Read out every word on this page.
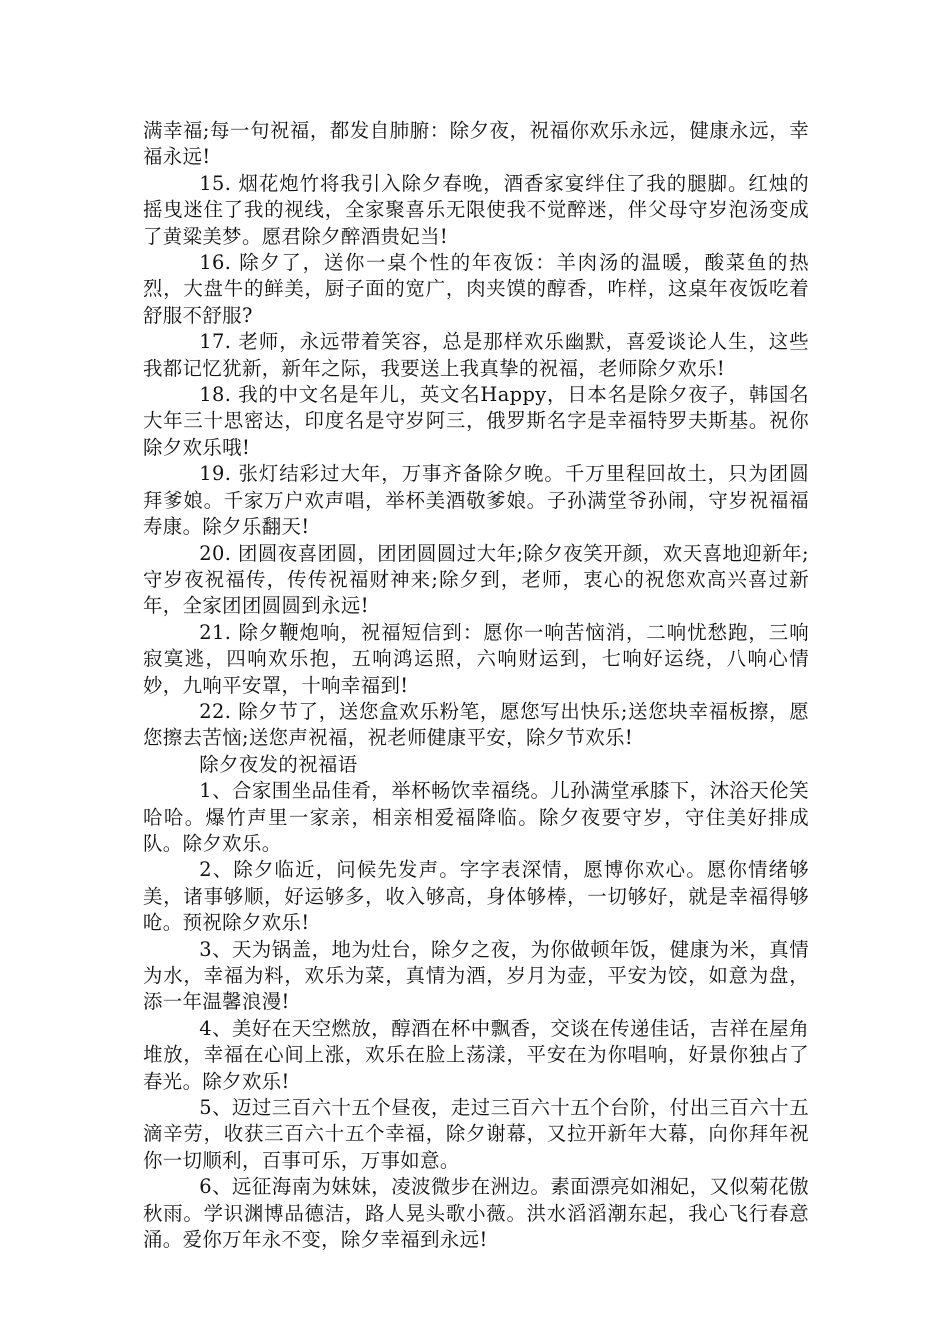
满幸福;每一句祝福，都发自肺腑：除夕夜，祝福你欢乐永远，健康永远，幸福永远!

15. 烟花炮竹将我引入除夕春晚，酒香家宴绊住了我的腿脚。红烛的摇曳迷住了我的视线，全家聚喜乐无限使我不觉醉迷，伴父母守岁泡汤变成了黄粱美梦。愿君除夕醉酒贵妃当!

16. 除夕了，送你一桌个性的年夜饭：羊肉汤的温暖，酸菜鱼的热烈，大盘牛的鲜美，厨子面的宽广，肉夹馍的醇香，咋样，这桌年夜饭吃着舒服不舒服?

17. 老师，永远带着笑容，总是那样欢乐幽默，喜爱谈论人生，这些我都记忆犹新，新年之际，我要送上我真挚的祝福，老师除夕欢乐!

18. 我的中文名是年儿，英文名Happy，日本名是除夕夜子，韩国名大年三十思密达，印度名是守岁阿三，俄罗斯名字是幸福特罗夫斯基。祝你除夕欢乐哦!

19. 张灯结彩过大年，万事齐备除夕晚。千万里程回故土，只为团圆拜爹娘。千家万户欢声唱，举杯美酒敬爹娘。子孙满堂爷孙闹，守岁祝福福寿康。除夕乐翻天!

20. 团圆夜喜团圆，团团圆圆过大年;除夕夜笑开颜，欢天喜地迎新年;守岁夜祝福传，传传祝福财神来;除夕到，老师，衷心的祝您欢高兴喜过新年，全家团团圆圆到永远!

21. 除夕鞭炮响，祝福短信到：愿你一响苦恼消，二响忧愁跑，三响寂寞逃，四响欢乐抱，五响鸿运照，六响财运到，七响好运绕，八响心情妙，九响平安罩，十响幸福到!

22. 除夕节了，送您盒欢乐粉笔，愿您写出快乐;送您块幸福板擦，愿您擦去苦恼;送您声祝福，祝老师健康平安，除夕节欢乐!

除夕夜发的祝福语

1、合家围坐品佳肴，举杯畅饮幸福绕。儿孙满堂承膝下，沐浴天伦笑哈哈。爆竹声里一家亲，相亲相爱福降临。除夕夜要守岁，守住美好排成队。除夕欢乐。

2、除夕临近，问候先发声。字字表深情，愿博你欢心。愿你情绪够美，诸事够顺，好运够多，收入够高，身体够棒，一切够好，就是幸福得够呛。预祝除夕欢乐!

3、天为锅盖，地为灶台，除夕之夜，为你做顿年饭，健康为米，真情为水，幸福为料，欢乐为菜，真情为酒，岁月为壶，平安为饺，如意为盘，添一年温馨浪漫!

4、美好在天空燃放，醇酒在杯中飘香，交谈在传递佳话，吉祥在屋角堆放，幸福在心间上涨，欢乐在脸上荡漾，平安在为你唱响，好景你独占了春光。除夕欢乐!

5、迈过三百六十五个昼夜，走过三百六十五个台阶，付出三百六十五滴辛劳，收获三百六十五个幸福，除夕谢幕，又拉开新年大幕，向你拜年祝你一切顺利，百事可乐，万事如意。

6、远征海南为妹妹，凌波微步在洲边。素面漂亮如湘妃，又似菊花傲秋雨。学识渊博品德洁，路人晃头歌小薇。洪水滔滔潮东起，我心飞行春意涌。爱你万年永不变，除夕幸福到永远!
